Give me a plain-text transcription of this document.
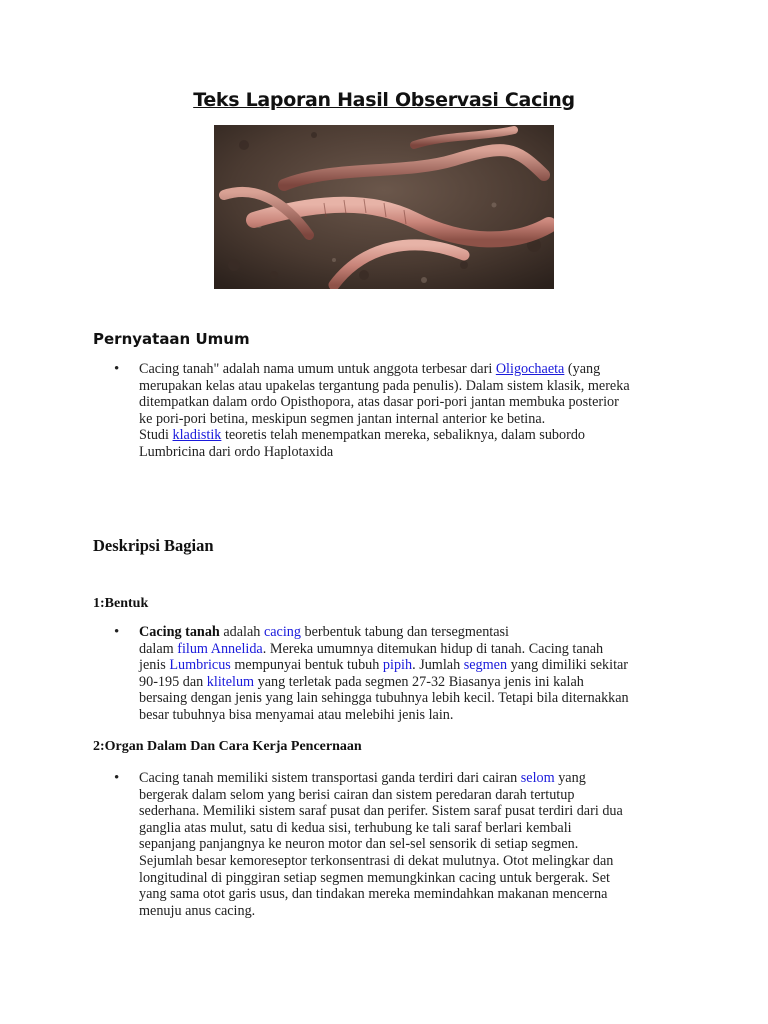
Teks Laporan Hasil Observasi Cacing
Pernyataan Umum
• Cacing tanah" adalah nama umum untuk anggota terbesar dari Oligochaeta (yang
merupakan kelas atau upakelas tergantung pada penulis). Dalam sistem klasik, mereka
ditempatkan dalam ordo Opisthopora, atas dasar pori-pori jantan membuka posterior
ke pori-pori betina, meskipun segmen jantan internal anterior ke betina.
Studi kladistik teoretis telah menempatkan mereka, sebaliknya, dalam subordo
Lumbricina dari ordo Haplotaxida
Deskripsi Bagian
1:Bentuk
• Cacing tanah adalah cacing berbentuk tabung dan tersegmentasi
dalam filum Annelida. Mereka umumnya ditemukan hidup di tanah. Cacing tanah
jenis Lumbricus mempunyai bentuk tubuh pipih. Jumlah segmen yang dimiliki sekitar
90-195 dan klitelum yang terletak pada segmen 27-32 Biasanya jenis ini kalah
bersaing dengan jenis yang lain sehingga tubuhnya lebih kecil. Tetapi bila diternakkan
besar tubuhnya bisa menyamai atau melebihi jenis lain.
2:Organ Dalam Dan Cara Kerja Pencernaan
• Cacing tanah memiliki sistem transportasi ganda terdiri dari cairan selom yang
bergerak dalam selom yang berisi cairan dan sistem peredaran darah tertutup
sederhana. Memiliki sistem saraf pusat dan perifer. Sistem saraf pusat terdiri dari dua
ganglia atas mulut, satu di kedua sisi, terhubung ke tali saraf berlari kembali
sepanjang panjangnya ke neuron motor dan sel-sel sensorik di setiap segmen.
Sejumlah besar kemoreseptor terkonsentrasi di dekat mulutnya. Otot melingkar dan
longitudinal di pinggiran setiap segmen memungkinkan cacing untuk bergerak. Set
yang sama otot garis usus, dan tindakan mereka memindahkan makanan mencerna
menuju anus cacing.
